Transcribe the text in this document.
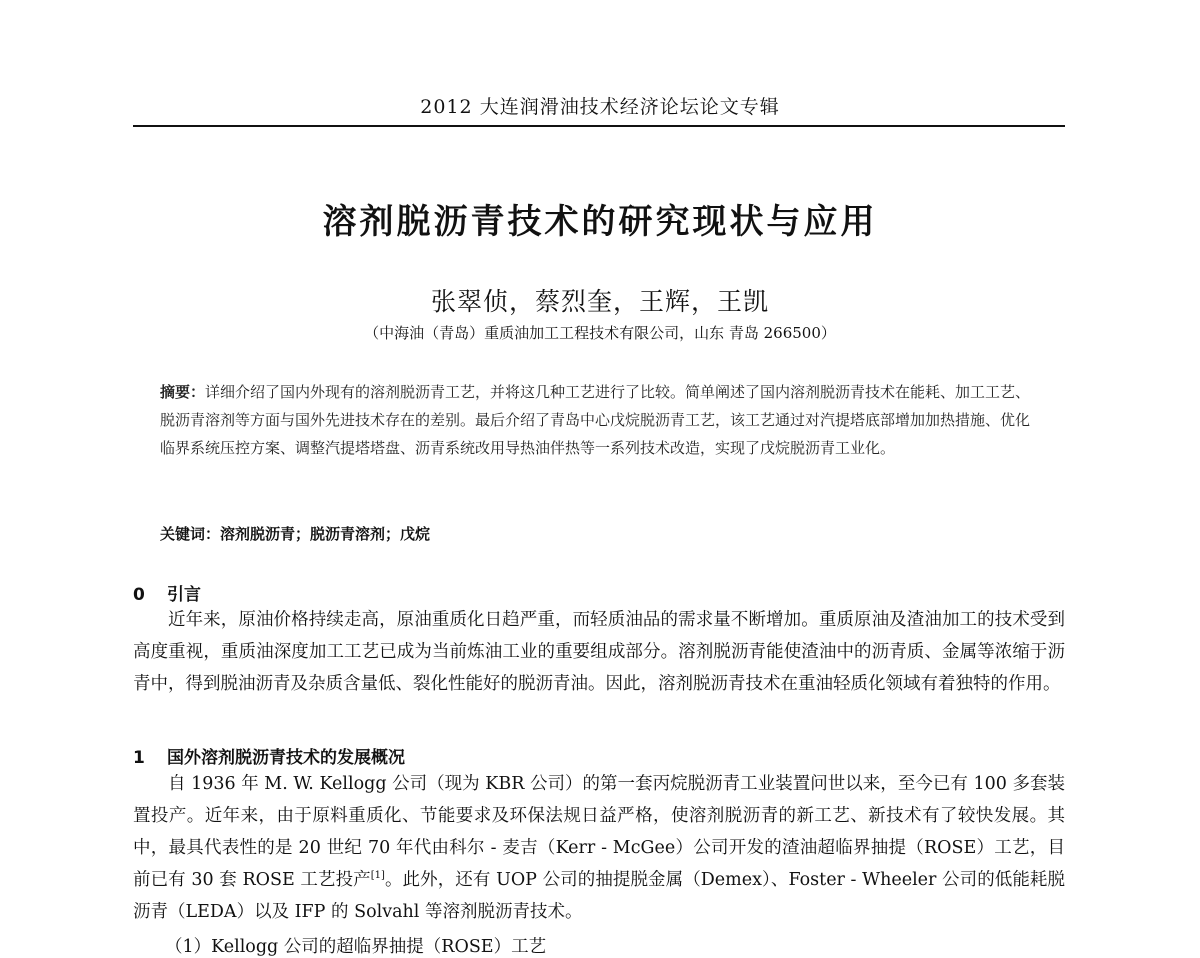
2012 大连润滑油技术经济论坛论文专辑
溶剂脱沥青技术的研究现状与应用
张翠侦，蔡烈奎，王辉，王凯
（中海油（青岛）重质油加工工程技术有限公司，山东 青岛 266500）
摘要：详细介绍了国内外现有的溶剂脱沥青工艺，并将这几种工艺进行了比较。简单阐述了国内溶剂脱沥青技术在能耗、加工工艺、脱沥青溶剂等方面与国外先进技术存在的差别。最后介绍了青岛中心戊烷脱沥青工艺，该工艺通过对汽提塔底部增加加热措施、优化临界系统压控方案、调整汽提塔塔盘、沥青系统改用导热油伴热等一系列技术改造，实现了戊烷脱沥青工业化。
关键词：溶剂脱沥青；脱沥青溶剂；戊烷
0 引言
近年来，原油价格持续走高，原油重质化日趋严重，而轻质油品的需求量不断增加。重质原油及渣油加工的技术受到高度重视，重质油深度加工工艺已成为当前炼油工业的重要组成部分。溶剂脱沥青能使渣油中的沥青质、金属等浓缩于沥青中，得到脱油沥青及杂质含量低、裂化性能好的脱沥青油。因此，溶剂脱沥青技术在重油轻质化领域有着独特的作用。
1 国外溶剂脱沥青技术的发展概况
自 1936 年 M. W. Kellogg 公司（现为 KBR 公司）的第一套丙烷脱沥青工业装置问世以来，至今已有 100 多套装置投产。近年来，由于原料重质化、节能要求及环保法规日益严格，使溶剂脱沥青的新工艺、新技术有了较快发展。其中，最具代表性的是 20 世纪 70 年代由科尔 - 麦吉（Kerr - McGee）公司开发的渣油超临界抽提（ROSE）工艺，目前已有 30 套 ROSE 工艺投产[1]。此外，还有 UOP 公司的抽提脱金属（Demex）、Foster - Wheeler 公司的低能耗脱沥青（LEDA）以及 IFP 的 Solvahl 等溶剂脱沥青技术。
（1）Kellogg 公司的超临界抽提（ROSE）工艺
